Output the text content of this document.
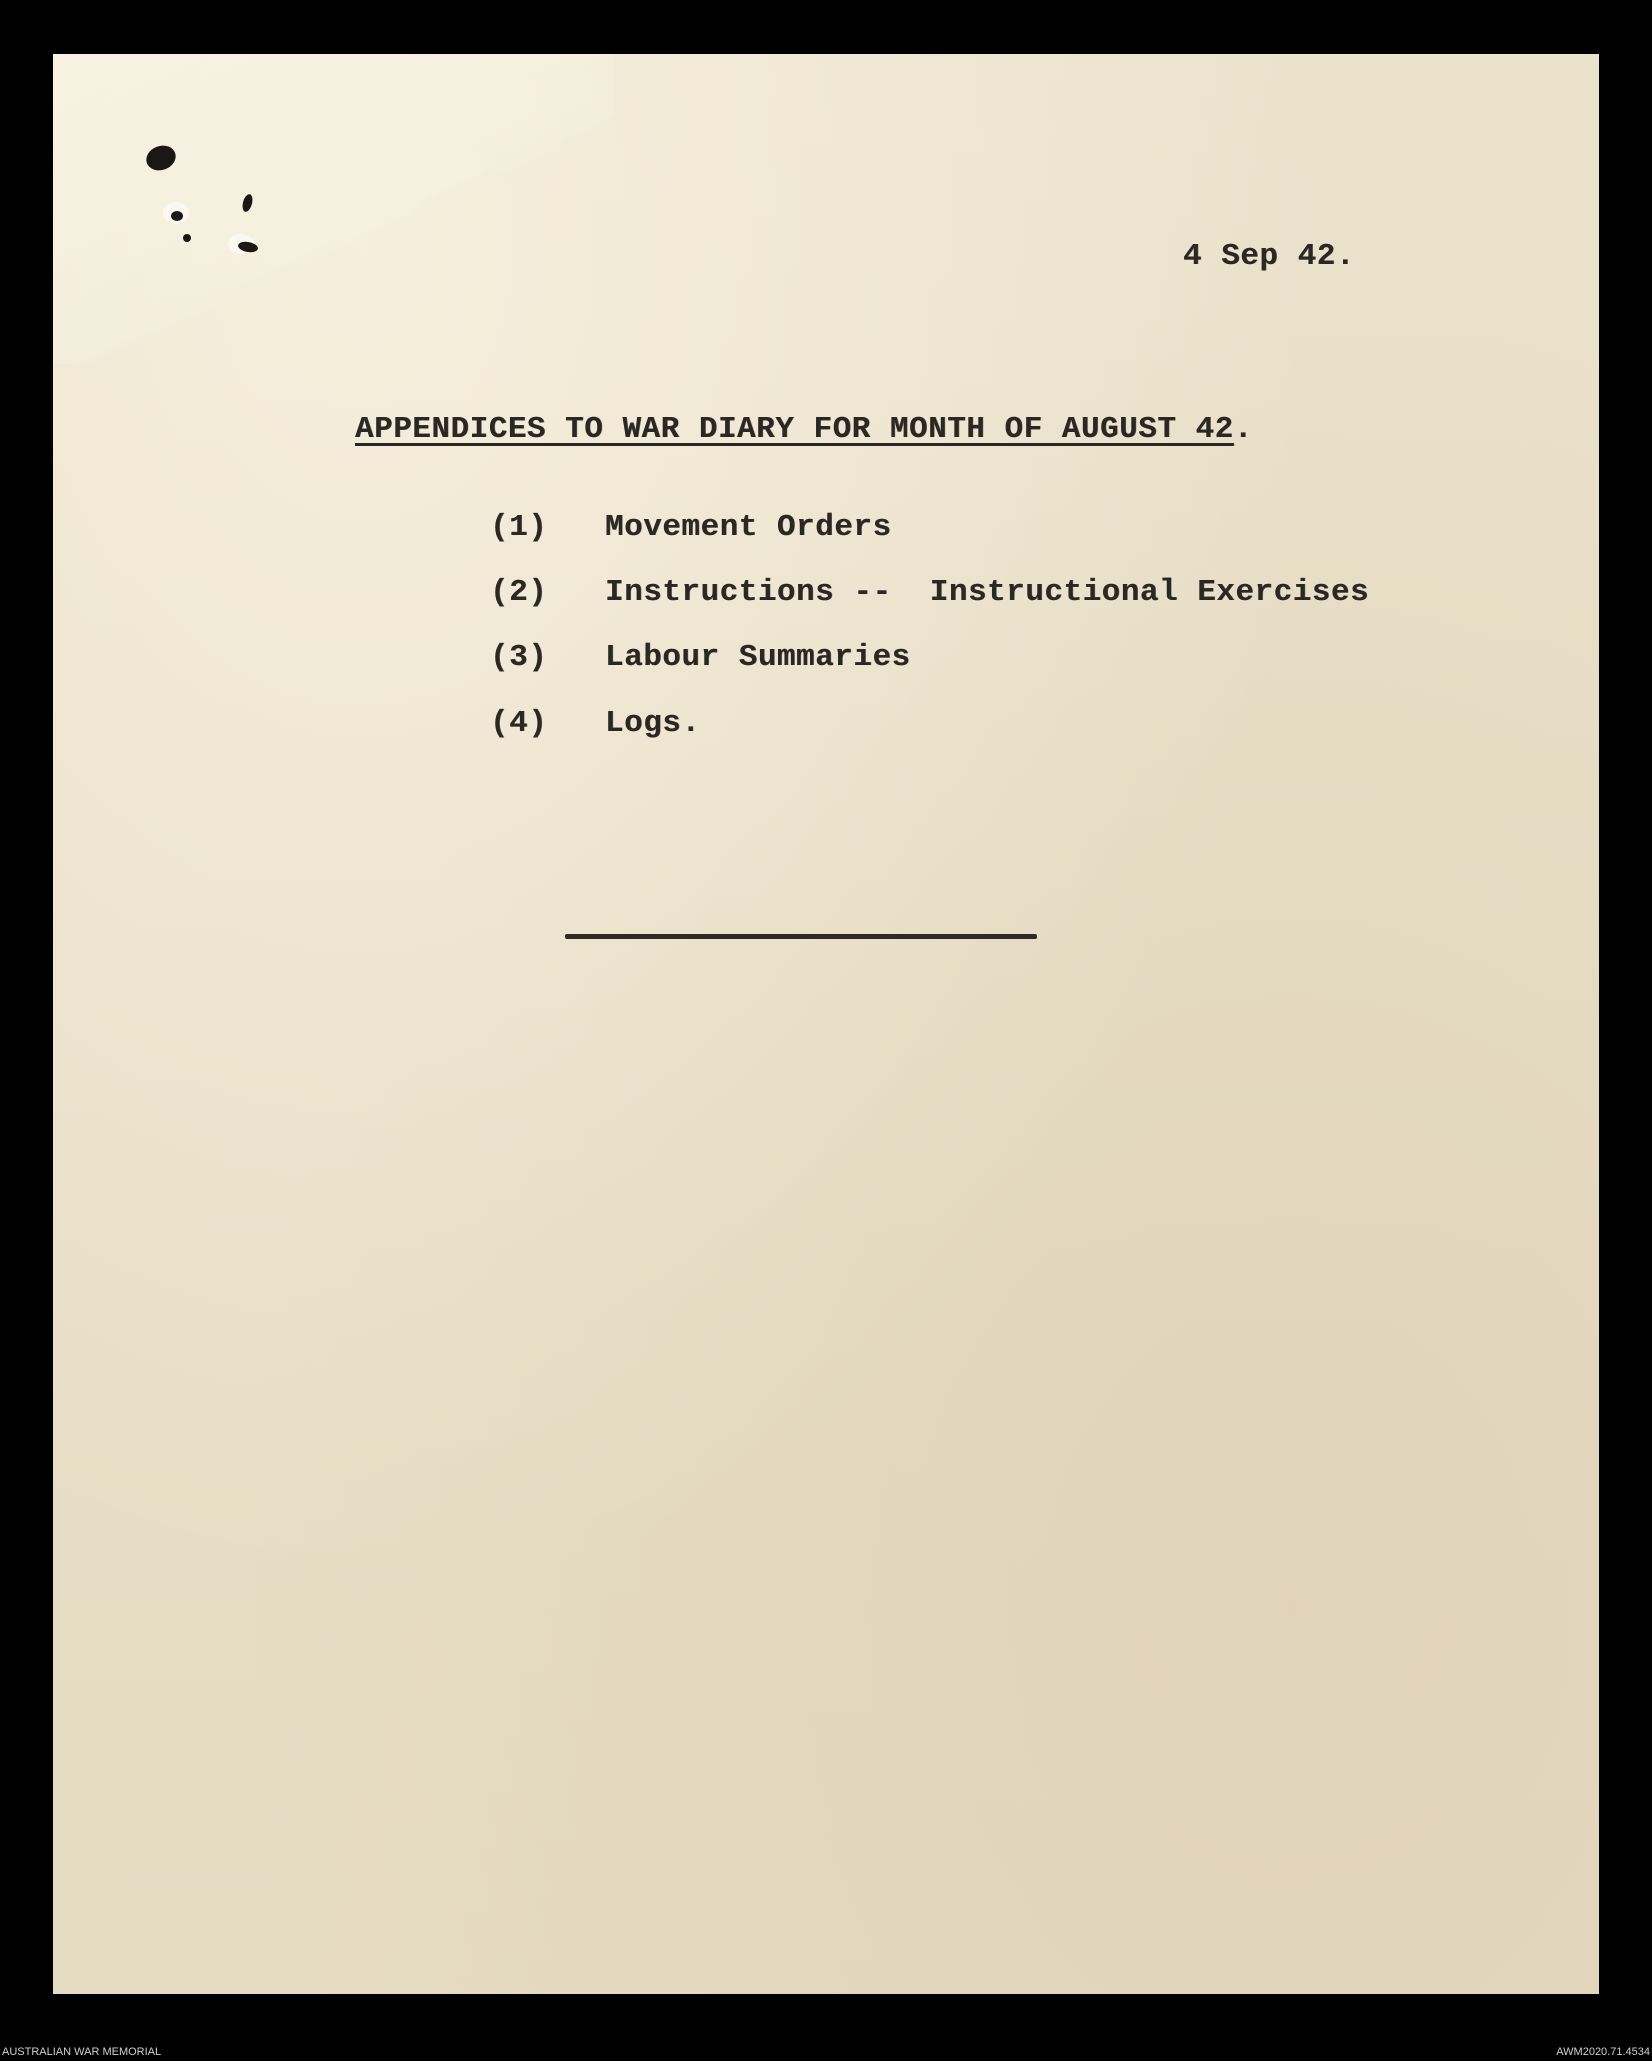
4 Sep 42.
APPENDICES TO WAR DIARY FOR MONTH OF AUGUST 42.
(1) Movement Orders
(2) Instructions --  Instructional Exercises
(3) Labour Summaries
(4) Logs.
AUSTRALIAN WAR MEMORIAL	AWM2020.71.4534
